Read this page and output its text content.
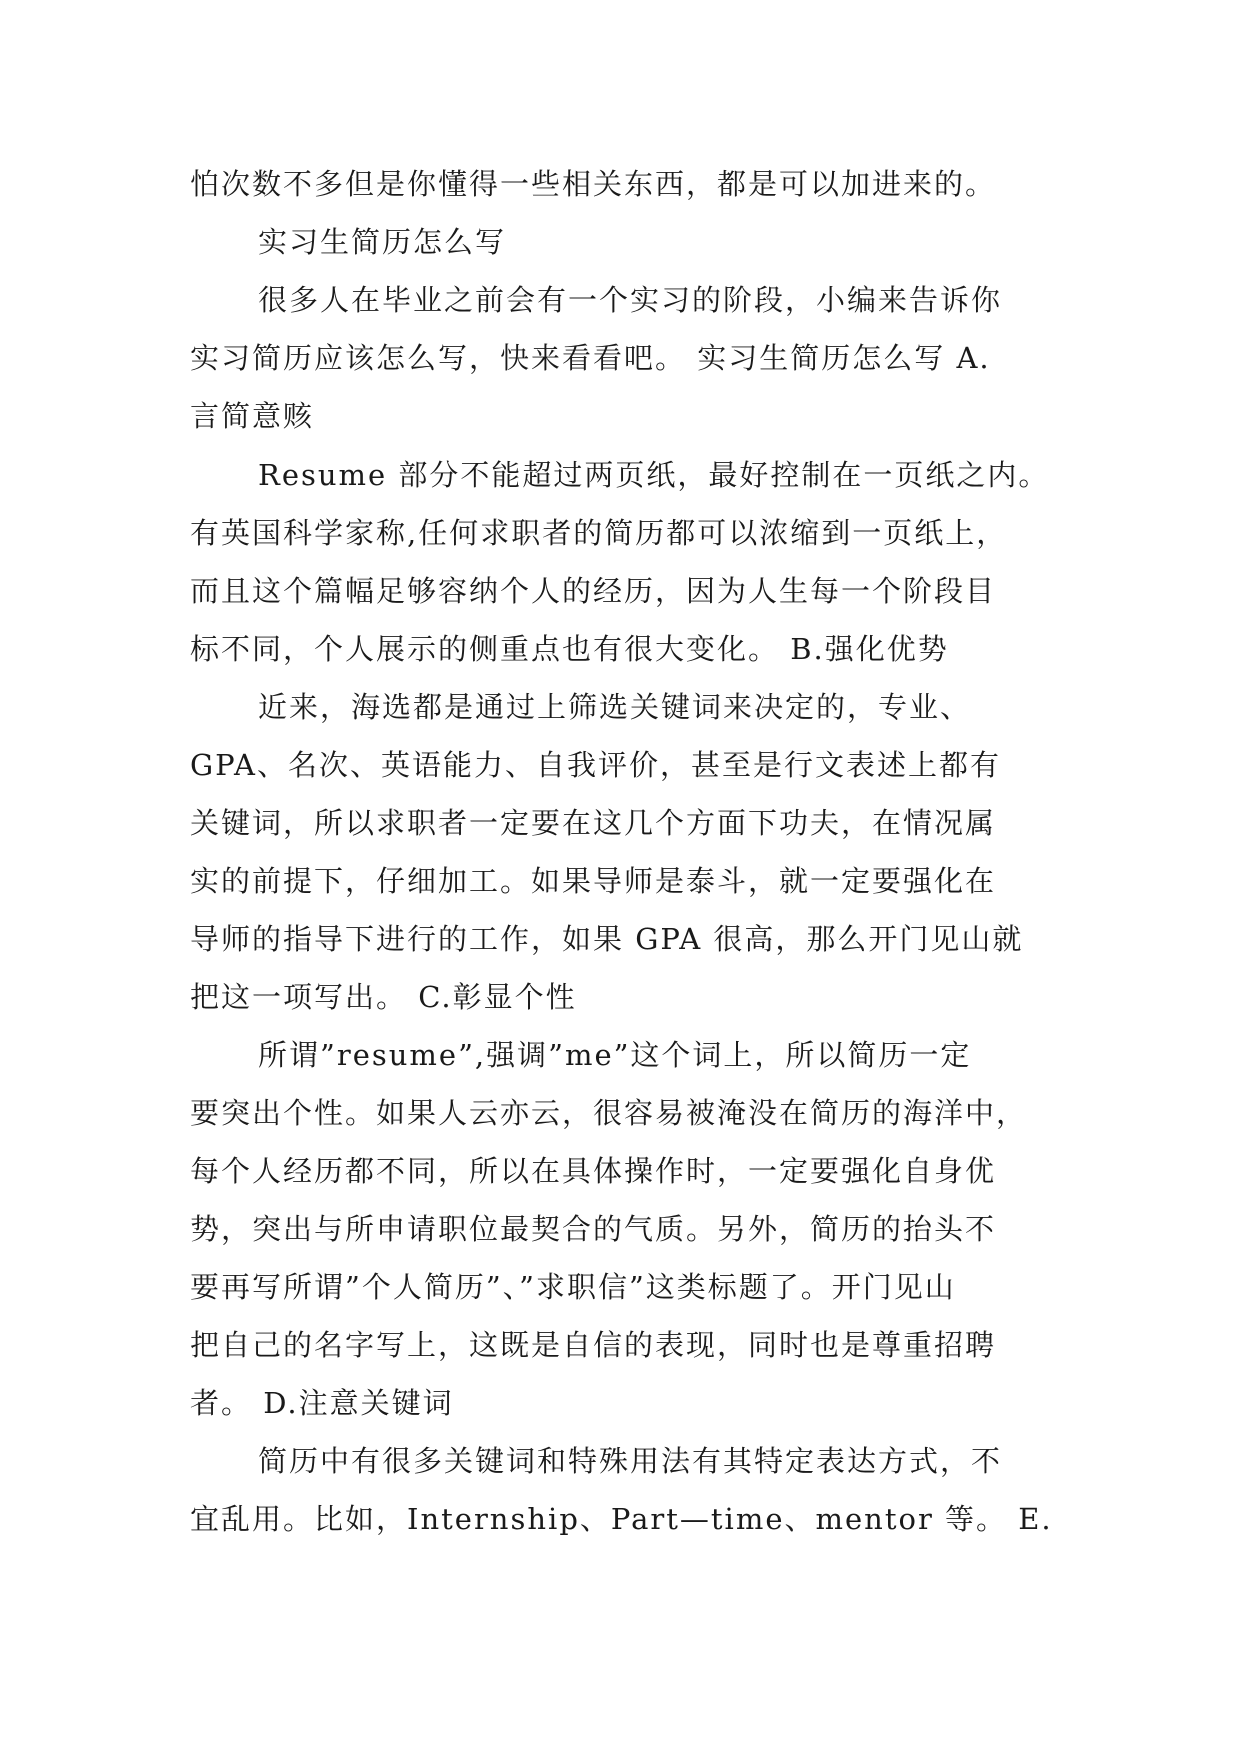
怕次数不多但是你懂得一些相关东西，都是可以加进来的。

实习生简历怎么写

很多人在毕业之前会有一个实习的阶段，小编来告诉你

实习简历应该怎么写，快来看看吧。 实习生简历怎么写 A.

言简意赅

Resume 部分不能超过两页纸，最好控制在一页纸之内。

有英国科学家称,任何求职者的简历都可以浓缩到一页纸上，

而且这个篇幅足够容纳个人的经历，因为人生每一个阶段目

标不同，个人展示的侧重点也有很大变化。 B.强化优势

近来，海选都是通过上筛选关键词来决定的，专业、

GPA、名次、英语能力、自我评价，甚至是行文表述上都有

关键词，所以求职者一定要在这几个方面下功夫，在情况属

实的前提下，仔细加工。如果导师是泰斗，就一定要强化在

导师的指导下进行的工作，如果 GPA 很高，那么开门见山就

把这一项写出。 C.彰显个性

所谓”resume”,强调”me”这个词上，所以简历一定

要突出个性。如果人云亦云，很容易被淹没在简历的海洋中，

每个人经历都不同，所以在具体操作时，一定要强化自身优

势，突出与所申请职位最契合的气质。另外，简历的抬头不

要再写所谓”个人简历”、”求职信”这类标题了。开门见山

把自己的名字写上，这既是自信的表现，同时也是尊重招聘

者。 D.注意关键词

简历中有很多关键词和特殊用法有其特定表达方式，不

宜乱用。比如，Internship、Part—time、mentor 等。 E.
